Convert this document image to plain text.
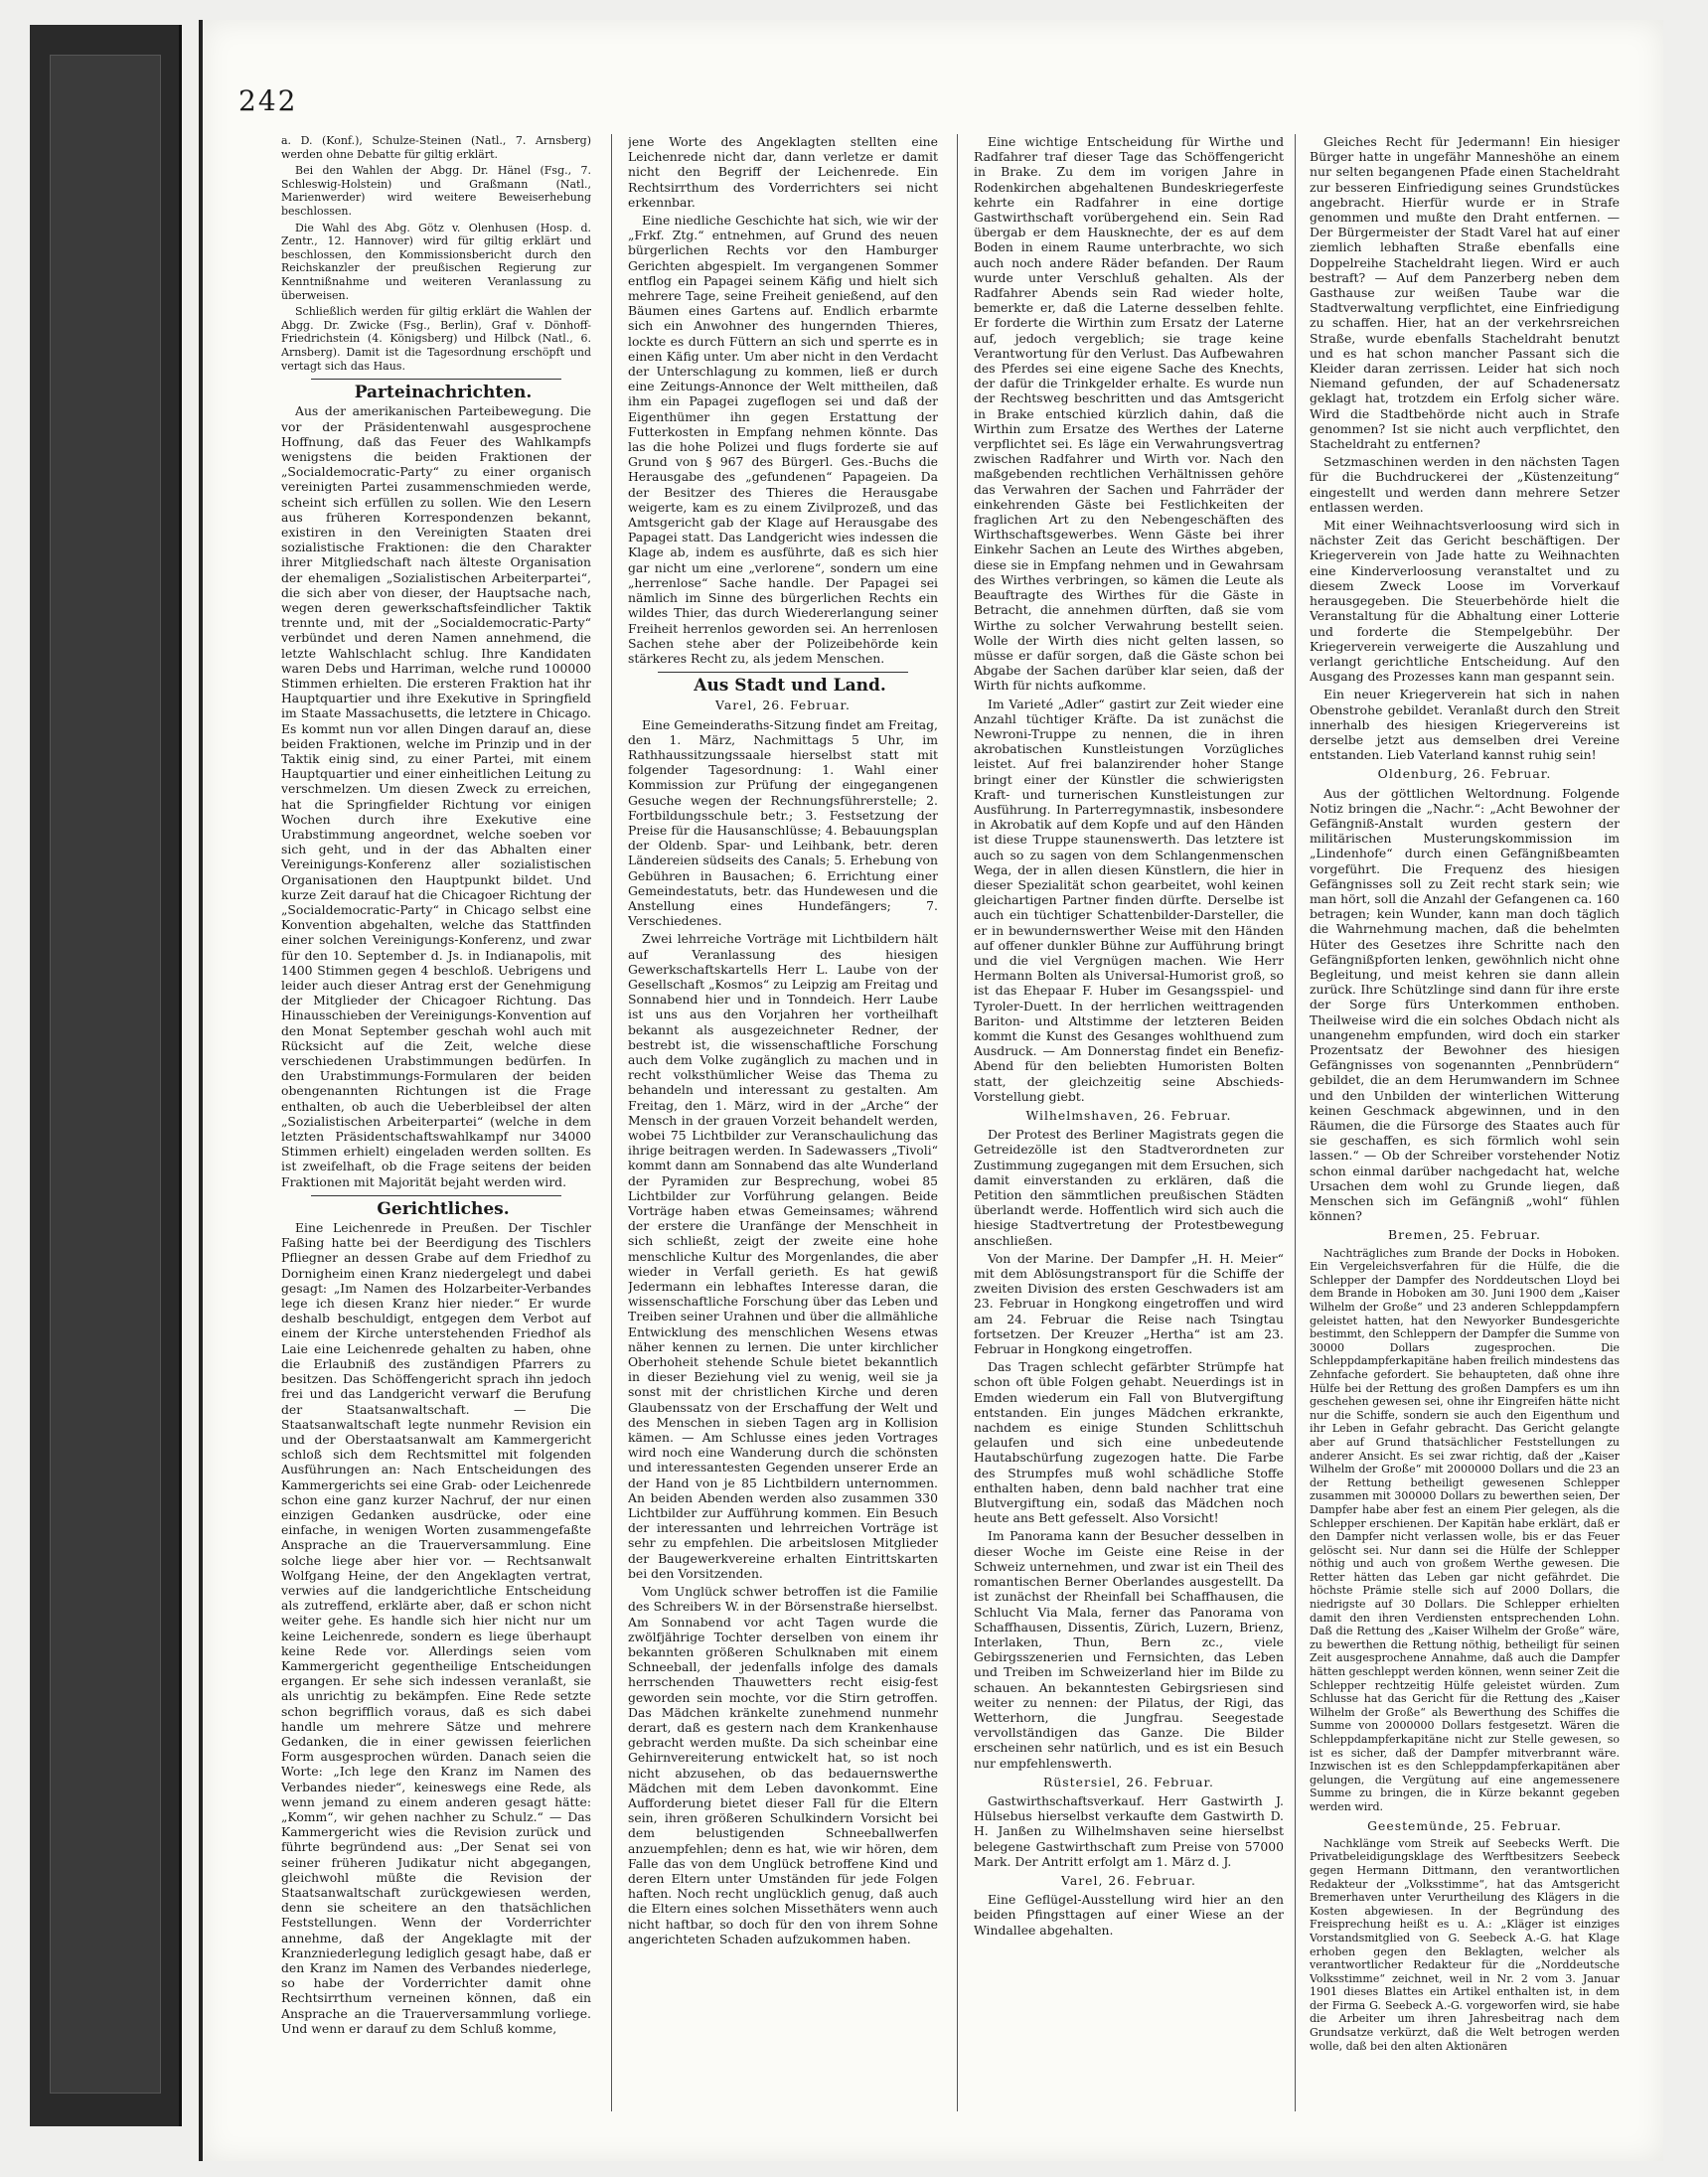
242

a. D. (Konf.), Schulze-Steinen (Natl., 7. Arnsberg) werden ohne Debatte für giltig erklärt.

Bei den Wahlen der Abgg. Dr. Hänel (Fsg., 7. Schleswig-Holstein) und Graßmann (Natl., Marienwerder) wird weitere Beweiserhebung beschlossen.

Die Wahl des Abg. Götz v. Olenhusen (Hosp. d. Zentr., 12. Hannover) wird für giltig erklärt und beschlossen, den Kommissionsbericht durch den Reichskanzler der preußischen Regierung zur Kenntnißnahme und weiteren Veranlassung zu überweisen.

Schließlich werden für giltig erklärt die Wahlen der Abgg. Dr. Zwicke (Fsg., Berlin), Graf v. Dönhoff-Friedrichstein (4. Königsberg) und Hilbck (Natl., 6. Arnsberg). Damit ist die Tagesordnung erschöpft und vertagt sich das Haus.

Parteinachrichten.

Aus der amerikanischen Parteibewegung. Die vor der Präsidentenwahl ausgesprochene Hoffnung, daß das Feuer des Wahlkampfs wenigstens die beiden Fraktionen der „Socialdemocratic-Party“ zu einer organisch vereinigten Partei zusammenschmieden werde, scheint sich erfüllen zu sollen. Wie den Lesern aus früheren Korrespondenzen bekannt, existiren in den Vereinigten Staaten drei sozialistische Fraktionen: die den Charakter ihrer Mitgliedschaft nach älteste Organisation der ehemaligen „Sozialistischen Arbeiterpartei“, die sich aber von dieser, der Hauptsache nach, wegen deren gewerkschaftsfeindlicher Taktik trennte und, mit der „Socialdemocratic-Party“ verbündet und deren Namen annehmend, die letzte Wahlschlacht schlug. Ihre Kandidaten waren Debs und Harriman, welche rund 100000 Stimmen erhielten. Die ersteren Fraktion hat ihr Hauptquartier und ihre Exekutive in Springfield im Staate Massachusetts, die letztere in Chicago. Es kommt nun vor allen Dingen darauf an, diese beiden Fraktionen, welche im Prinzip und in der Taktik einig sind, zu einer Partei, mit einem Hauptquartier und einer einheitlichen Leitung zu verschmelzen. Um diesen Zweck zu erreichen, hat die Springfielder Richtung vor einigen Wochen durch ihre Exekutive eine Urabstimmung angeordnet, welche soeben vor sich geht, und in der das Abhalten einer Vereinigungs-Konferenz aller sozialistischen Organisationen den Hauptpunkt bildet. Und kurze Zeit darauf hat die Chicagoer Richtung der „Socialdemocratic-Party“ in Chicago selbst eine Konvention abgehalten, welche das Stattfinden einer solchen Vereinigungs-Konferenz, und zwar für den 10. September d. Js. in Indianapolis, mit 1400 Stimmen gegen 4 beschloß. Uebrigens und leider auch dieser Antrag erst der Genehmigung der Mitglieder der Chicagoer Richtung. Das Hinausschieben der Vereinigungs-Konvention auf den Monat September geschah wohl auch mit Rücksicht auf die Zeit, welche diese verschiedenen Urabstimmungen bedürfen. In den Urabstimmungs-Formularen der beiden obengenannten Richtungen ist die Frage enthalten, ob auch die Ueberbleibsel der alten „Sozialistischen Arbeiterpartei“ (welche in dem letzten Präsidentschaftswahlkampf nur 34000 Stimmen erhielt) eingeladen werden sollten. Es ist zweifelhaft, ob die Frage seitens der beiden Fraktionen mit Majorität bejaht werden wird.

Gerichtliches.

Eine Leichenrede in Preußen. Der Tischler Faßing hatte bei der Beerdigung des Tischlers Pfliegner an dessen Grabe auf dem Friedhof zu Dornigheim einen Kranz niedergelegt und dabei gesagt: „Im Namen des Holzarbeiter-Verbandes lege ich diesen Kranz hier nieder.“ Er wurde deshalb beschuldigt, entgegen dem Verbot auf einem der Kirche unterstehenden Friedhof als Laie eine Leichenrede gehalten zu haben, ohne die Erlaubniß des zuständigen Pfarrers zu besitzen. Das Schöffengericht sprach ihn jedoch frei und das Landgericht verwarf die Berufung der Staatsanwaltschaft. — Die Staatsanwaltschaft legte nunmehr Revision ein und der Oberstaatsanwalt am Kammergericht schloß sich dem Rechtsmittel mit folgenden Ausführungen an: Nach Entscheidungen des Kammergerichts sei eine Grab- oder Leichenrede schon eine ganz kurzer Nachruf, der nur einen einzigen Gedanken ausdrücke, oder eine einfache, in wenigen Worten zusammengefaßte Ansprache an die Trauerversammlung. Eine solche liege aber hier vor. — Rechtsanwalt Wolfgang Heine, der den Angeklagten vertrat, verwies auf die landgerichtliche Entscheidung als zutreffend, erklärte aber, daß er schon nicht weiter gehe. Es handle sich hier nicht nur um keine Leichenrede, sondern es liege überhaupt keine Rede vor. Allerdings seien vom Kammergericht gegentheilige Entscheidungen ergangen. Er sehe sich indessen veranlaßt, sie als unrichtig zu bekämpfen. Eine Rede setzte schon begrifflich voraus, daß es sich dabei handle um mehrere Sätze und mehrere Gedanken, die in einer gewissen feierlichen Form ausgesprochen würden. Danach seien die Worte: „Ich lege den Kranz im Namen des Verbandes nieder“, keineswegs eine Rede, als wenn jemand zu einem anderen gesagt hätte: „Komm“, wir gehen nachher zu Schulz.“ — Das Kammergericht wies die Revision zurück und führte begründend aus: „Der Senat sei von seiner früheren Judikatur nicht abgegangen, gleichwohl müßte die Revision der Staatsanwaltschaft zurückgewiesen werden, denn sie scheitere an den thatsächlichen Feststellungen. Wenn der Vorderrichter annehme, daß der Angeklagte mit der Kranzniederlegung lediglich gesagt habe, daß er den Kranz im Namen des Verbandes niederlege, so habe der Vorderrichter damit ohne Rechtsirrthum verneinen können, daß ein Ansprache an die Trauerversammlung vorliege. Und wenn er darauf zu dem Schluß komme,

jene Worte des Angeklagten stellten eine Leichenrede nicht dar, dann verletze er damit nicht den Begriff der Leichenrede. Ein Rechtsirrthum des Vorderrichters sei nicht erkennbar.

Eine niedliche Geschichte hat sich, wie wir der „Frkf. Ztg.“ entnehmen, auf Grund des neuen bürgerlichen Rechts vor den Hamburger Gerichten abgespielt. Im vergangenen Sommer entflog ein Papagei seinem Käfig und hielt sich mehrere Tage, seine Freiheit genießend, auf den Bäumen eines Gartens auf. Endlich erbarmte sich ein Anwohner des hungernden Thieres, lockte es durch Füttern an sich und sperrte es in einen Käfig unter. Um aber nicht in den Verdacht der Unterschlagung zu kommen, ließ er durch eine Zeitungs-Annonce der Welt mittheilen, daß ihm ein Papagei zugeflogen sei und daß der Eigenthümer ihn gegen Erstattung der Futterkosten in Empfang nehmen könnte. Das las die hohe Polizei und flugs forderte sie auf Grund von § 967 des Bürgerl. Ges.-Buchs die Herausgabe des „gefundenen“ Papageien. Da der Besitzer des Thieres die Herausgabe weigerte, kam es zu einem Zivilprozeß, und das Amtsgericht gab der Klage auf Herausgabe des Papagei statt. Das Landgericht wies indessen die Klage ab, indem es ausführte, daß es sich hier gar nicht um eine „verlorene“, sondern um eine „herrenlose“ Sache handle. Der Papagei sei nämlich im Sinne des bürgerlichen Rechts ein wildes Thier, das durch Wiedererlangung seiner Freiheit herrenlos geworden sei. An herrenlosen Sachen stehe aber der Polizeibehörde kein stärkeres Recht zu, als jedem Menschen.

Aus Stadt und Land.

Varel, 26. Februar.

Eine Gemeinderaths-Sitzung findet am Freitag, den 1. März, Nachmittags 5 Uhr, im Rathhaussitzungssaale hierselbst statt mit folgender Tagesordnung: 1. Wahl einer Kommission zur Prüfung der eingegangenen Gesuche wegen der Rechnungsführerstelle; 2. Fortbildungsschule betr.; 3. Festsetzung der Preise für die Hausanschlüsse; 4. Bebauungsplan der Oldenb. Spar- und Leihbank, betr. deren Ländereien südseits des Canals; 5. Erhebung von Gebühren in Bausachen; 6. Errichtung einer Gemeindestatuts, betr. das Hundewesen und die Anstellung eines Hundefängers; 7. Verschiedenes.

Zwei lehrreiche Vorträge mit Lichtbildern hält auf Veranlassung des hiesigen Gewerkschaftskartells Herr L. Laube von der Gesellschaft „Kosmos“ zu Leipzig am Freitag und Sonnabend hier und in Tonndeich. Herr Laube ist uns aus den Vorjahren her vortheilhaft bekannt als ausgezeichneter Redner, der bestrebt ist, die wissenschaftliche Forschung auch dem Volke zugänglich zu machen und in recht volksthümlicher Weise das Thema zu behandeln und interessant zu gestalten. Am Freitag, den 1. März, wird in der „Arche“ der Mensch in der grauen Vorzeit behandelt werden, wobei 75 Lichtbilder zur Veranschaulichung das ihrige beitragen werden. In Sadewassers „Tivoli“ kommt dann am Sonnabend das alte Wunderland der Pyramiden zur Besprechung, wobei 85 Lichtbilder zur Vorführung gelangen. Beide Vorträge haben etwas Gemeinsames; während der erstere die Uranfänge der Menschheit in sich schließt, zeigt der zweite eine hohe menschliche Kultur des Morgenlandes, die aber wieder in Verfall gerieth. Es hat gewiß Jedermann ein lebhaftes Interesse daran, die wissenschaftliche Forschung über das Leben und Treiben seiner Urahnen und über die allmähliche Entwicklung des menschlichen Wesens etwas näher kennen zu lernen. Die unter kirchlicher Oberhoheit stehende Schule bietet bekanntlich in dieser Beziehung viel zu wenig, weil sie ja sonst mit der christlichen Kirche und deren Glaubenssatz von der Erschaffung der Welt und des Menschen in sieben Tagen arg in Kollision kämen. — Am Schlusse eines jeden Vortrages wird noch eine Wanderung durch die schönsten und interessantesten Gegenden unserer Erde an der Hand von je 85 Lichtbildern unternommen. An beiden Abenden werden also zusammen 330 Lichtbilder zur Aufführung kommen. Ein Besuch der interessanten und lehrreichen Vorträge ist sehr zu empfehlen. Die arbeitslosen Mitglieder der Baugewerkvereine erhalten Eintrittskarten bei den Vorsitzenden.

Vom Unglück schwer betroffen ist die Familie des Schreibers W. in der Börsenstraße hierselbst. Am Sonnabend vor acht Tagen wurde die zwölfjährige Tochter derselben von einem ihr bekannten größeren Schulknaben mit einem Schneeball, der jedenfalls infolge des damals herrschenden Thauwetters recht eisig-fest geworden sein mochte, vor die Stirn getroffen. Das Mädchen kränkelte zunehmend nunmehr derart, daß es gestern nach dem Krankenhause gebracht werden mußte. Da sich scheinbar eine Gehirnvereiterung entwickelt hat, so ist noch nicht abzusehen, ob das bedauernswerthe Mädchen mit dem Leben davonkommt. Eine Aufforderung bietet dieser Fall für die Eltern sein, ihren größeren Schulkindern Vorsicht bei dem belustigenden Schneeballwerfen anzuempfehlen; denn es hat, wie wir hören, dem Falle das von dem Unglück betroffene Kind und deren Eltern unter Umständen für jede Folgen haften. Noch recht unglücklich genug, daß auch die Eltern eines solchen Missethäters wenn auch nicht haftbar, so doch für den von ihrem Sohne angerichteten Schaden aufzukommen haben.

Eine wichtige Entscheidung für Wirthe und Radfahrer traf dieser Tage das Schöffengericht in Brake. Zu dem im vorigen Jahre in Rodenkirchen abgehaltenen Bundeskriegerfeste kehrte ein Radfahrer in eine dortige Gastwirthschaft vorübergehend ein. Sein Rad übergab er dem Hausknechte, der es auf dem Boden in einem Raume unterbrachte, wo sich auch noch andere Räder befanden. Der Raum wurde unter Verschluß gehalten. Als der Radfahrer Abends sein Rad wieder holte, bemerkte er, daß die Laterne desselben fehlte. Er forderte die Wirthin zum Ersatz der Laterne auf, jedoch vergeblich; sie trage keine Verantwortung für den Verlust. Das Aufbewahren des Pferdes sei eine eigene Sache des Knechts, der dafür die Trinkgelder erhalte. Es wurde nun der Rechtsweg beschritten und das Amtsgericht in Brake entschied kürzlich dahin, daß die Wirthin zum Ersatze des Werthes der Laterne verpflichtet sei. Es läge ein Verwahrungsvertrag zwischen Radfahrer und Wirth vor. Nach den maßgebenden rechtlichen Verhältnissen gehöre das Verwahren der Sachen und Fahrräder der einkehrenden Gäste bei Festlichkeiten der fraglichen Art zu den Nebengeschäften des Wirthschaftsgewerbes. Wenn Gäste bei ihrer Einkehr Sachen an Leute des Wirthes abgeben, diese sie in Empfang nehmen und in Gewahrsam des Wirthes verbringen, so kämen die Leute als Beauftragte des Wirthes für die Gäste in Betracht, die annehmen dürften, daß sie vom Wirthe zu solcher Verwahrung bestellt seien. Wolle der Wirth dies nicht gelten lassen, so müsse er dafür sorgen, daß die Gäste schon bei Abgabe der Sachen darüber klar seien, daß der Wirth für nichts aufkomme.

Im Varieté „Adler“ gastirt zur Zeit wieder eine Anzahl tüchtiger Kräfte. Da ist zunächst die Newroni-Truppe zu nennen, die in ihren akrobatischen Kunstleistungen Vorzügliches leistet. Auf frei balanzirender hoher Stange bringt einer der Künstler die schwierigsten Kraft- und turnerischen Kunstleistungen zur Ausführung. In Parterregymnastik, insbesondere in Akrobatik auf dem Kopfe und auf den Händen ist diese Truppe staunenswerth. Das letztere ist auch so zu sagen von dem Schlangenmenschen Wega, der in allen diesen Künstlern, die hier in dieser Spezialität schon gearbeitet, wohl keinen gleichartigen Partner finden dürfte. Derselbe ist auch ein tüchtiger Schattenbilder-Darsteller, die er in bewundernswerther Weise mit den Händen auf offener dunkler Bühne zur Aufführung bringt und die viel Vergnügen machen. Wie Herr Hermann Bolten als Universal-Humorist groß, so ist das Ehepaar F. Huber im Gesangsspiel- und Tyroler-Duett. In der herrlichen weittragenden Bariton- und Altstimme der letzteren Beiden kommt die Kunst des Gesanges wohlthuend zum Ausdruck. — Am Donnerstag findet ein Benefiz-Abend für den beliebten Humoristen Bolten statt, der gleichzeitig seine Abschieds-Vorstellung giebt.

Wilhelmshaven, 26. Februar.

Der Protest des Berliner Magistrats gegen die Getreidezölle ist den Stadtverordneten zur Zustimmung zugegangen mit dem Ersuchen, sich damit einverstanden zu erklären, daß die Petition den sämmtlichen preußischen Städten überlandt werde. Hoffentlich wird sich auch die hiesige Stadtvertretung der Protestbewegung anschließen.

Von der Marine. Der Dampfer „H. H. Meier“ mit dem Ablösungstransport für die Schiffe der zweiten Division des ersten Geschwaders ist am 23. Februar in Hongkong eingetroffen und wird am 24. Februar die Reise nach Tsingtau fortsetzen. Der Kreuzer „Hertha“ ist am 23. Februar in Hongkong eingetroffen.

Das Tragen schlecht gefärbter Strümpfe hat schon oft üble Folgen gehabt. Neuerdings ist in Emden wiederum ein Fall von Blutvergiftung entstanden. Ein junges Mädchen erkrankte, nachdem es einige Stunden Schlittschuh gelaufen und sich eine unbedeutende Hautabschürfung zugezogen hatte. Die Farbe des Strumpfes muß wohl schädliche Stoffe enthalten haben, denn bald nachher trat eine Blutvergiftung ein, sodaß das Mädchen noch heute ans Bett gefesselt. Also Vorsicht!

Im Panorama kann der Besucher desselben in dieser Woche im Geiste eine Reise in der Schweiz unternehmen, und zwar ist ein Theil des romantischen Berner Oberlandes ausgestellt. Da ist zunächst der Rheinfall bei Schaffhausen, die Schlucht Via Mala, ferner das Panorama von Schaffhausen, Dissentis, Zürich, Luzern, Brienz, Interlaken, Thun, Bern zc., viele Gebirgsszenerien und Fernsichten, das Leben und Treiben im Schweizerland hier im Bilde zu schauen. An bekanntesten Gebirgsriesen sind weiter zu nennen: der Pilatus, der Rigi, das Wetterhorn, die Jungfrau. Seegestade vervollständigen das Ganze. Die Bilder erscheinen sehr natürlich, und es ist ein Besuch nur empfehlenswerth.

Rüstersiel, 26. Februar.

Gastwirthschaftsverkauf. Herr Gastwirth J. Hülsebus hierselbst verkaufte dem Gastwirth D. H. Janßen zu Wilhelmshaven seine hierselbst belegene Gastwirthschaft zum Preise von 57000 Mark. Der Antritt erfolgt am 1. März d. J.

Varel, 26. Februar.

Eine Geflügel-Ausstellung wird hier an den beiden Pfingsttagen auf einer Wiese an der Windallee abgehalten.

Gleiches Recht für Jedermann! Ein hiesiger Bürger hatte in ungefähr Manneshöhe an einem nur selten begangenen Pfade einen Stacheldraht zur besseren Einfriedigung seines Grundstückes angebracht. Hierfür wurde er in Strafe genommen und mußte den Draht entfernen. — Der Bürgermeister der Stadt Varel hat auf einer ziemlich lebhaften Straße ebenfalls eine Doppelreihe Stacheldraht liegen. Wird er auch bestraft? — Auf dem Panzerberg neben dem Gasthause zur weißen Taube war die Stadtverwaltung verpflichtet, eine Einfriedigung zu schaffen. Hier, hat an der verkehrsreichen Straße, wurde ebenfalls Stacheldraht benutzt und es hat schon mancher Passant sich die Kleider daran zerrissen. Leider hat sich noch Niemand gefunden, der auf Schadenersatz geklagt hat, trotzdem ein Erfolg sicher wäre. Wird die Stadtbehörde nicht auch in Strafe genommen? Ist sie nicht auch verpflichtet, den Stacheldraht zu entfernen?

Setzmaschinen werden in den nächsten Tagen für die Buchdruckerei der „Küstenzeitung“ eingestellt und werden dann mehrere Setzer entlassen werden.

Mit einer Weihnachtsverloosung wird sich in nächster Zeit das Gericht beschäftigen. Der Kriegerverein von Jade hatte zu Weihnachten eine Kinderverloosung veranstaltet und zu diesem Zweck Loose im Vorverkauf herausgegeben. Die Steuerbehörde hielt die Veranstaltung für die Abhaltung einer Lotterie und forderte die Stempelgebühr. Der Kriegerverein verweigerte die Auszahlung und verlangt gerichtliche Entscheidung. Auf den Ausgang des Prozesses kann man gespannt sein.

Ein neuer Kriegerverein hat sich in nahen Obenstrohe gebildet. Veranlaßt durch den Streit innerhalb des hiesigen Kriegervereins ist derselbe jetzt aus demselben drei Vereine entstanden. Lieb Vaterland kannst ruhig sein!

Oldenburg, 26. Februar.

Aus der göttlichen Weltordnung. Folgende Notiz bringen die „Nachr.“: „Acht Bewohner der Gefängniß-Anstalt wurden gestern der militärischen Musterungskommission im „Lindenhofe“ durch einen Gefängnißbeamten vorgeführt. Die Frequenz des hiesigen Gefängnisses soll zu Zeit recht stark sein; wie man hört, soll die Anzahl der Gefangenen ca. 160 betragen; kein Wunder, kann man doch täglich die Wahrnehmung machen, daß die behelmten Hüter des Gesetzes ihre Schritte nach den Gefängnißpforten lenken, gewöhnlich nicht ohne Begleitung, und meist kehren sie dann allein zurück. Ihre Schützlinge sind dann für ihre erste der Sorge fürs Unterkommen enthoben. Theilweise wird die ein solches Obdach nicht als unangenehm empfunden, wird doch ein starker Prozentsatz der Bewohner des hiesigen Gefängnisses von sogenannten „Pennbrüdern“ gebildet, die an dem Herumwandern im Schnee und den Unbilden der winterlichen Witterung keinen Geschmack abgewinnen, und in den Räumen, die die Fürsorge des Staates auch für sie geschaffen, es sich förmlich wohl sein lassen.“ — Ob der Schreiber vorstehender Notiz schon einmal darüber nachgedacht hat, welche Ursachen dem wohl zu Grunde liegen, daß Menschen sich im Gefängniß „wohl“ fühlen können?

Bremen, 25. Februar.

Nachträgliches zum Brande der Docks in Hoboken. Ein Vergeleichsverfahren für die Hülfe, die die Schlepper der Dampfer des Norddeutschen Lloyd bei dem Brande in Hoboken am 30. Juni 1900 dem „Kaiser Wilhelm der Große“ und 23 anderen Schleppdampfern geleistet hatten, hat den Newyorker Bundesgerichte bestimmt, den Schleppern der Dampfer die Summe von 30000 Dollars zugesprochen. Die Schleppdampferkapitäne haben freilich mindestens das Zehnfache gefordert. Sie behaupteten, daß ohne ihre Hülfe bei der Rettung des großen Dampfers es um ihn geschehen gewesen sei, ohne ihr Eingreifen hätte nicht nur die Schiffe, sondern sie auch den Eigenthum und ihr Leben in Gefahr gebracht. Das Gericht gelangte aber auf Grund thatsächlicher Feststellungen zu anderer Ansicht. Es sei zwar richtig, daß der „Kaiser Wilhelm der Große“ mit 2000000 Dollars und die 23 an der Rettung betheiligt gewesenen Schlepper zusammen mit 300000 Dollars zu bewerthen seien, Der Dampfer habe aber fest an einem Pier gelegen, als die Schlepper erschienen. Der Kapitän habe erklärt, daß er den Dampfer nicht verlassen wolle, bis er das Feuer gelöscht sei. Nur dann sei die Hülfe der Schlepper nöthig und auch von großem Werthe gewesen. Die Retter hätten das Leben gar nicht gefährdet. Die höchste Prämie stelle sich auf 2000 Dollars, die niedrigste auf 30 Dollars. Die Schlepper erhielten damit den ihren Verdiensten entsprechenden Lohn. Daß die Rettung des „Kaiser Wilhelm der Große“ wäre, zu bewerthen die Rettung nöthig, betheiligt für seinen Zeit ausgesprochene Annahme, daß auch die Dampfer hätten geschleppt werden können, wenn seiner Zeit die Schlepper rechtzeitig Hülfe geleistet würden. Zum Schlusse hat das Gericht für die Rettung des „Kaiser Wilhelm der Große“ als Bewerthung des Schiffes die Summe von 2000000 Dollars festgesetzt. Wären die Schleppdampferkapitäne nicht zur Stelle gewesen, so ist es sicher, daß der Dampfer mitverbrannt wäre. Inzwischen ist es den Schleppdampferkapitänen aber gelungen, die Vergütung auf eine angemessenere Summe zu bringen, die in Kürze bekannt gegeben werden wird.

Geestemünde, 25. Februar.

Nachklänge vom Streik auf Seebecks Werft. Die Privatbeleidigungsklage des Werftbesitzers Seebeck gegen Hermann Dittmann, den verantwortlichen Redakteur der „Volksstimme“, hat das Amtsgericht Bremerhaven unter Verurtheilung des Klägers in die Kosten abgewiesen. In der Begründung des Freisprechung heißt es u. A.: „Kläger ist einziges Vorstandsmitglied von G. Seebeck A.-G. hat Klage erhoben gegen den Beklagten, welcher als verantwortlicher Redakteur für die „Norddeutsche Volksstimme“ zeichnet, weil in Nr. 2 vom 3. Januar 1901 dieses Blattes ein Artikel enthalten ist, in dem der Firma G. Seebeck A.-G. vorgeworfen wird, sie habe die Arbeiter um ihren Jahresbeitrag nach dem Grundsatze verkürzt, daß die Welt betrogen werden wolle, daß bei den alten Aktionären
